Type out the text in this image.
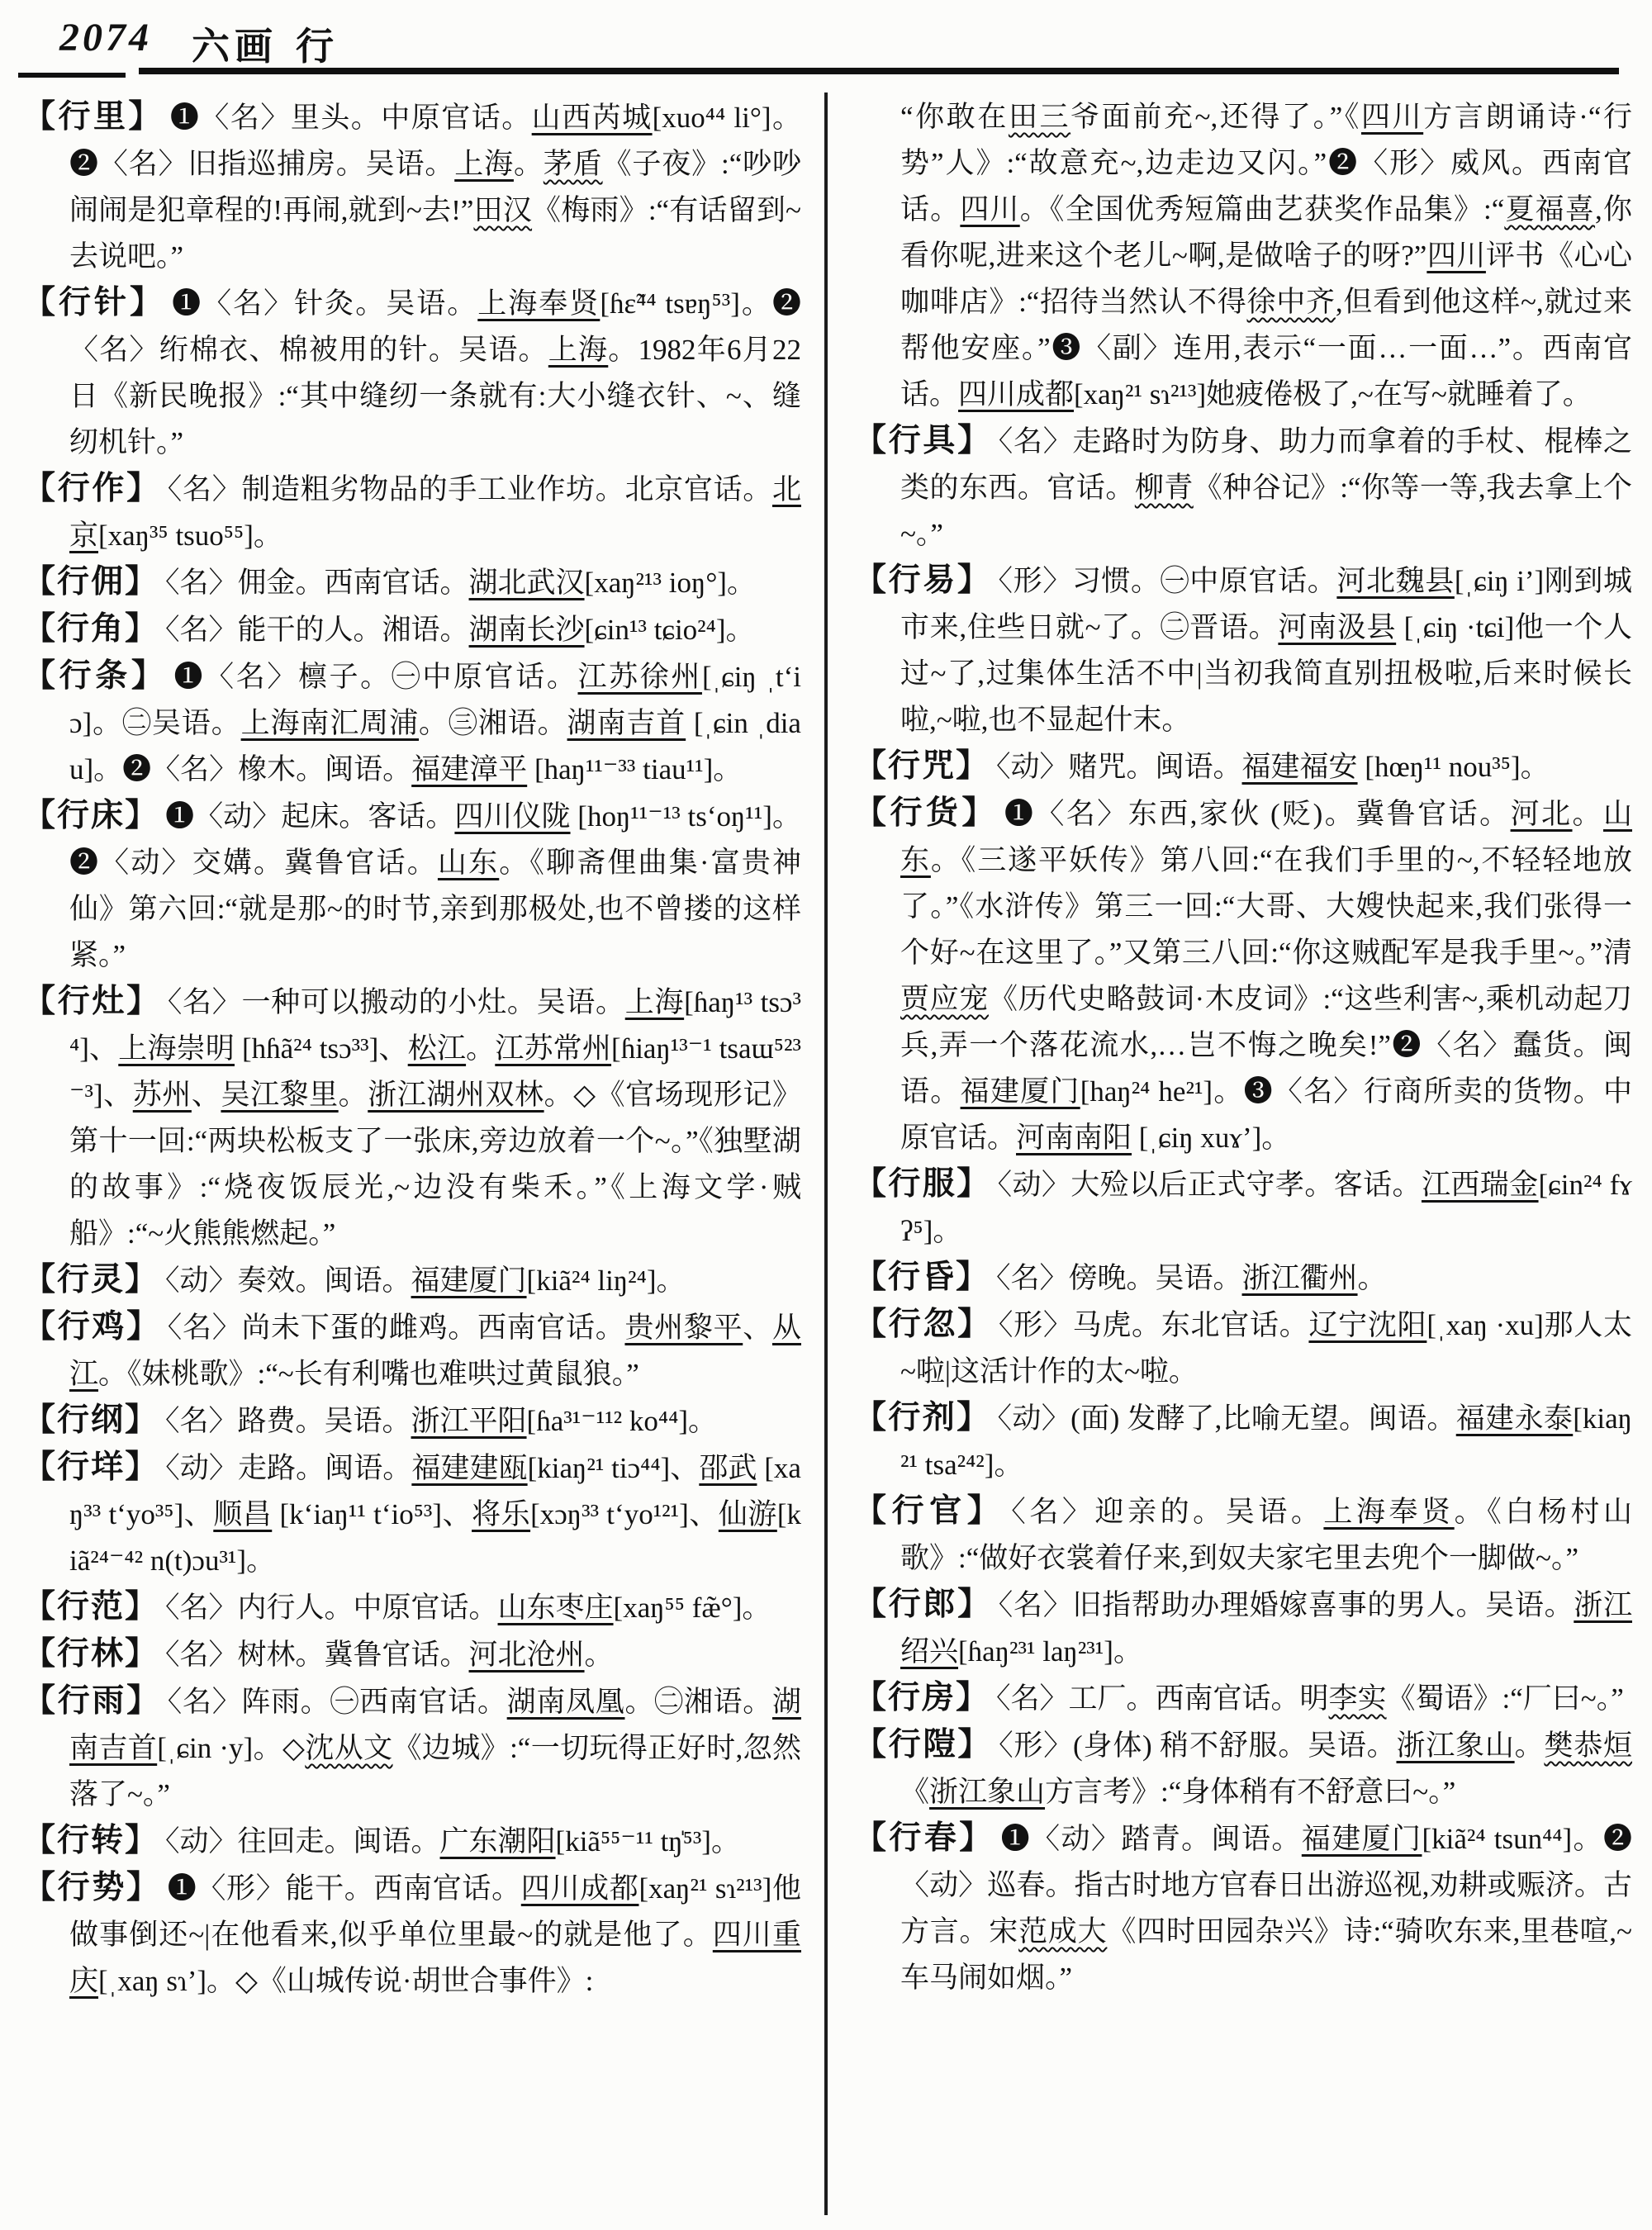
2074 六画 行

【行里】 ❶〈名〉里头。中原官话。山西芮城[xuo⁴⁴ li°]。❷〈名〉旧指巡捕房。吴语。上海。茅盾《子夜》:“吵吵闹闹是犯章程的!再闹,就到~去!”田汉《梅雨》:“有话留到~去说吧。”

【行针】 ❶〈名〉针灸。吴语。上海奉贤[ɦɛ̃⁴⁴ tsɐŋ⁵³]。❷〈名〉绗棉衣、棉被用的针。吴语。上海。1982年6月22日《新民晚报》:“其中缝纫一条就有:大小缝衣针、~、缝纫机针。”

【行作】 〈名〉制造粗劣物品的手工业作坊。北京官话。北京[xaŋ³⁵ tsuo⁵⁵]。

【行佣】 〈名〉佣金。西南官话。湖北武汉[xaŋ²¹³ ioŋ°]。

【行角】 〈名〉能干的人。湘语。湖南长沙[ɕin¹³ tɕio²⁴]。

【行条】 ❶〈名〉檩子。㊀中原官话。江苏徐州[ˌɕiŋ ˌtʻiɔ]。㊁吴语。上海南汇周浦。㊂湘语。湖南吉首 [ˌɕin ˌdiau]。❷〈名〉橡木。闽语。福建漳平 [haŋ¹¹⁻³³ tiau¹¹]。

【行床】 ❶〈动〉起床。客话。四川仪陇 [hoŋ¹¹⁻¹³ tsʻoŋ¹¹]。❷〈动〉交媾。冀鲁官话。山东。《聊斋俚曲集·富贵神仙》第六回:“就是那~的时节,亲到那极处,也不曾搂的这样紧。”

【行灶】 〈名〉一种可以搬动的小灶。吴语。上海[ɦaŋ¹³ tsɔ³⁴]、上海崇明 [hɦã²⁴ tsɔ³³]、松江。江苏常州[ɦiaŋ¹³⁻¹ tsaɯ⁵²³⁻³]、苏州、吴江黎里。浙江湖州双林。◇《官场现形记》第十一回:“两块松板支了一张床,旁边放着一个~。”《独墅湖的故事》:“烧夜饭辰光,~边没有柴禾。”《上海文学·贼船》:“~火熊熊燃起。”

【行灵】 〈动〉奏效。闽语。福建厦门[kiã²⁴ liŋ²⁴]。

【行鸡】 〈名〉尚未下蛋的雌鸡。西南官话。贵州黎平、从江。《妹桃歌》:“~长有利嘴也难哄过黄鼠狼。”

【行纲】 〈名〉路费。吴语。浙江平阳[ɦa³¹⁻¹¹² ko⁴⁴]。

【行垟】 〈动〉走路。闽语。福建建瓯[kiaŋ²¹ tiɔ⁴⁴]、邵武 [xaŋ³³ tʻyo³⁵]、顺昌 [kʻiaŋ¹¹ tʻio⁵³]、将乐[xɔŋ³³ tʻyo¹²¹]、仙游[kiã²⁴⁻⁴² n(t)ɔu³¹]。

【行范】 〈名〉内行人。中原官话。山东枣庄[xaŋ⁵⁵ fæ̃°]。

【行林】 〈名〉树林。冀鲁官话。河北沧州。

【行雨】 〈名〉阵雨。㊀西南官话。湖南凤凰。㊁湘语。湖南吉首[ˌɕin ·y]。◇沈从文《边城》:“一切玩得正好时,忽然落了~。”

【行转】 〈动〉往回走。闽语。广东潮阳[kiã⁵⁵⁻¹¹ tŋ̍⁵³]。

【行势】 ❶〈形〉能干。西南官话。四川成都[xaŋ²¹ sɿ²¹³]他做事倒还~|在他看来,似乎单位里最~的就是他了。四川重庆[ˌxaŋ sɿ’]。◇《山城传说·胡世合事件》:

“你敢在田三爷面前充~,还得了。”《四川方言朗诵诗·“行势”人》:“故意充~,边走边又闪。”❷〈形〉威风。西南官话。四川。《全国优秀短篇曲艺获奖作品集》:“夏福喜,你看你呢,进来这个老儿~啊,是做啥子的呀?”四川评书《心心咖啡店》:“招待当然认不得徐中齐,但看到他这样~,就过来帮他安座。”❸〈副〉连用,表示“一面…一面…”。西南官话。四川成都[xaŋ²¹ sɿ²¹³]她疲倦极了,~在写~就睡着了。

【行具】 〈名〉走路时为防身、助力而拿着的手杖、棍棒之类的东西。官话。柳青《种谷记》:“你等一等,我去拿上个~。”

【行易】 〈形〉习惯。㊀中原官话。河北魏县[ˌɕiŋ i’]刚到城市来,住些日就~了。㊁晋语。河南汲县 [ˌɕiŋ ·tɕi]他一个人过~了,过集体生活不中|当初我简直别扭极啦,后来时候长啦,~啦,也不显起什末。

【行咒】 〈动〉赌咒。闽语。福建福安 [hœŋ¹¹ nou³⁵]。

【行货】 ❶〈名〉东西,家伙 (贬)。冀鲁官话。河北。山东。《三遂平妖传》第八回:“在我们手里的~,不轻轻地放了。”《水浒传》第三一回:“大哥、大嫂快起来,我们张得一个好~在这里了。”又第三八回:“你这贼配军是我手里~。”清贾应宠《历代史略鼓词·木皮词》:“这些利害~,乘机动起刀兵,弄一个落花流水,…岂不悔之晚矣!”❷〈名〉蠢货。闽语。福建厦门[haŋ²⁴ he²¹]。❸〈名〉行商所卖的货物。中原官话。河南南阳 [ˌɕiŋ xuɤ’]。

【行服】 〈动〉大殓以后正式守孝。客话。江西瑞金[ɕin²⁴ fɤʔ⁵]。

【行昏】 〈名〉傍晚。吴语。浙江衢州。

【行忽】 〈形〉马虎。东北官话。辽宁沈阳[ˌxaŋ ·xu]那人太~啦|这活计作的太~啦。

【行剂】 〈动〉(面) 发酵了,比喻无望。闽语。福建永泰[kiaŋ²¹ tsa²⁴²]。

【行官】 〈名〉迎亲的。吴语。上海奉贤。《白杨村山歌》:“做好衣裳着仔来,到奴夫家宅里去兜个一脚做~。”

【行郎】 〈名〉旧指帮助办理婚嫁喜事的男人。吴语。浙江绍兴[ɦaŋ²³¹ laŋ²³¹]。

【行房】 〈名〉工厂。西南官话。明李实《蜀语》:“厂曰~。”

【行隑】 〈形〉(身体) 稍不舒服。吴语。浙江象山。樊恭烜《浙江象山方言考》:“身体稍有不舒意曰~。”

【行春】 ❶〈动〉踏青。闽语。福建厦门[kiã²⁴ tsun⁴⁴]。❷〈动〉巡春。指古时地方官春日出游巡视,劝耕或赈济。古方言。宋范成大《四时田园杂兴》诗:“骑吹东来,里巷喧,~车马闹如烟。”
